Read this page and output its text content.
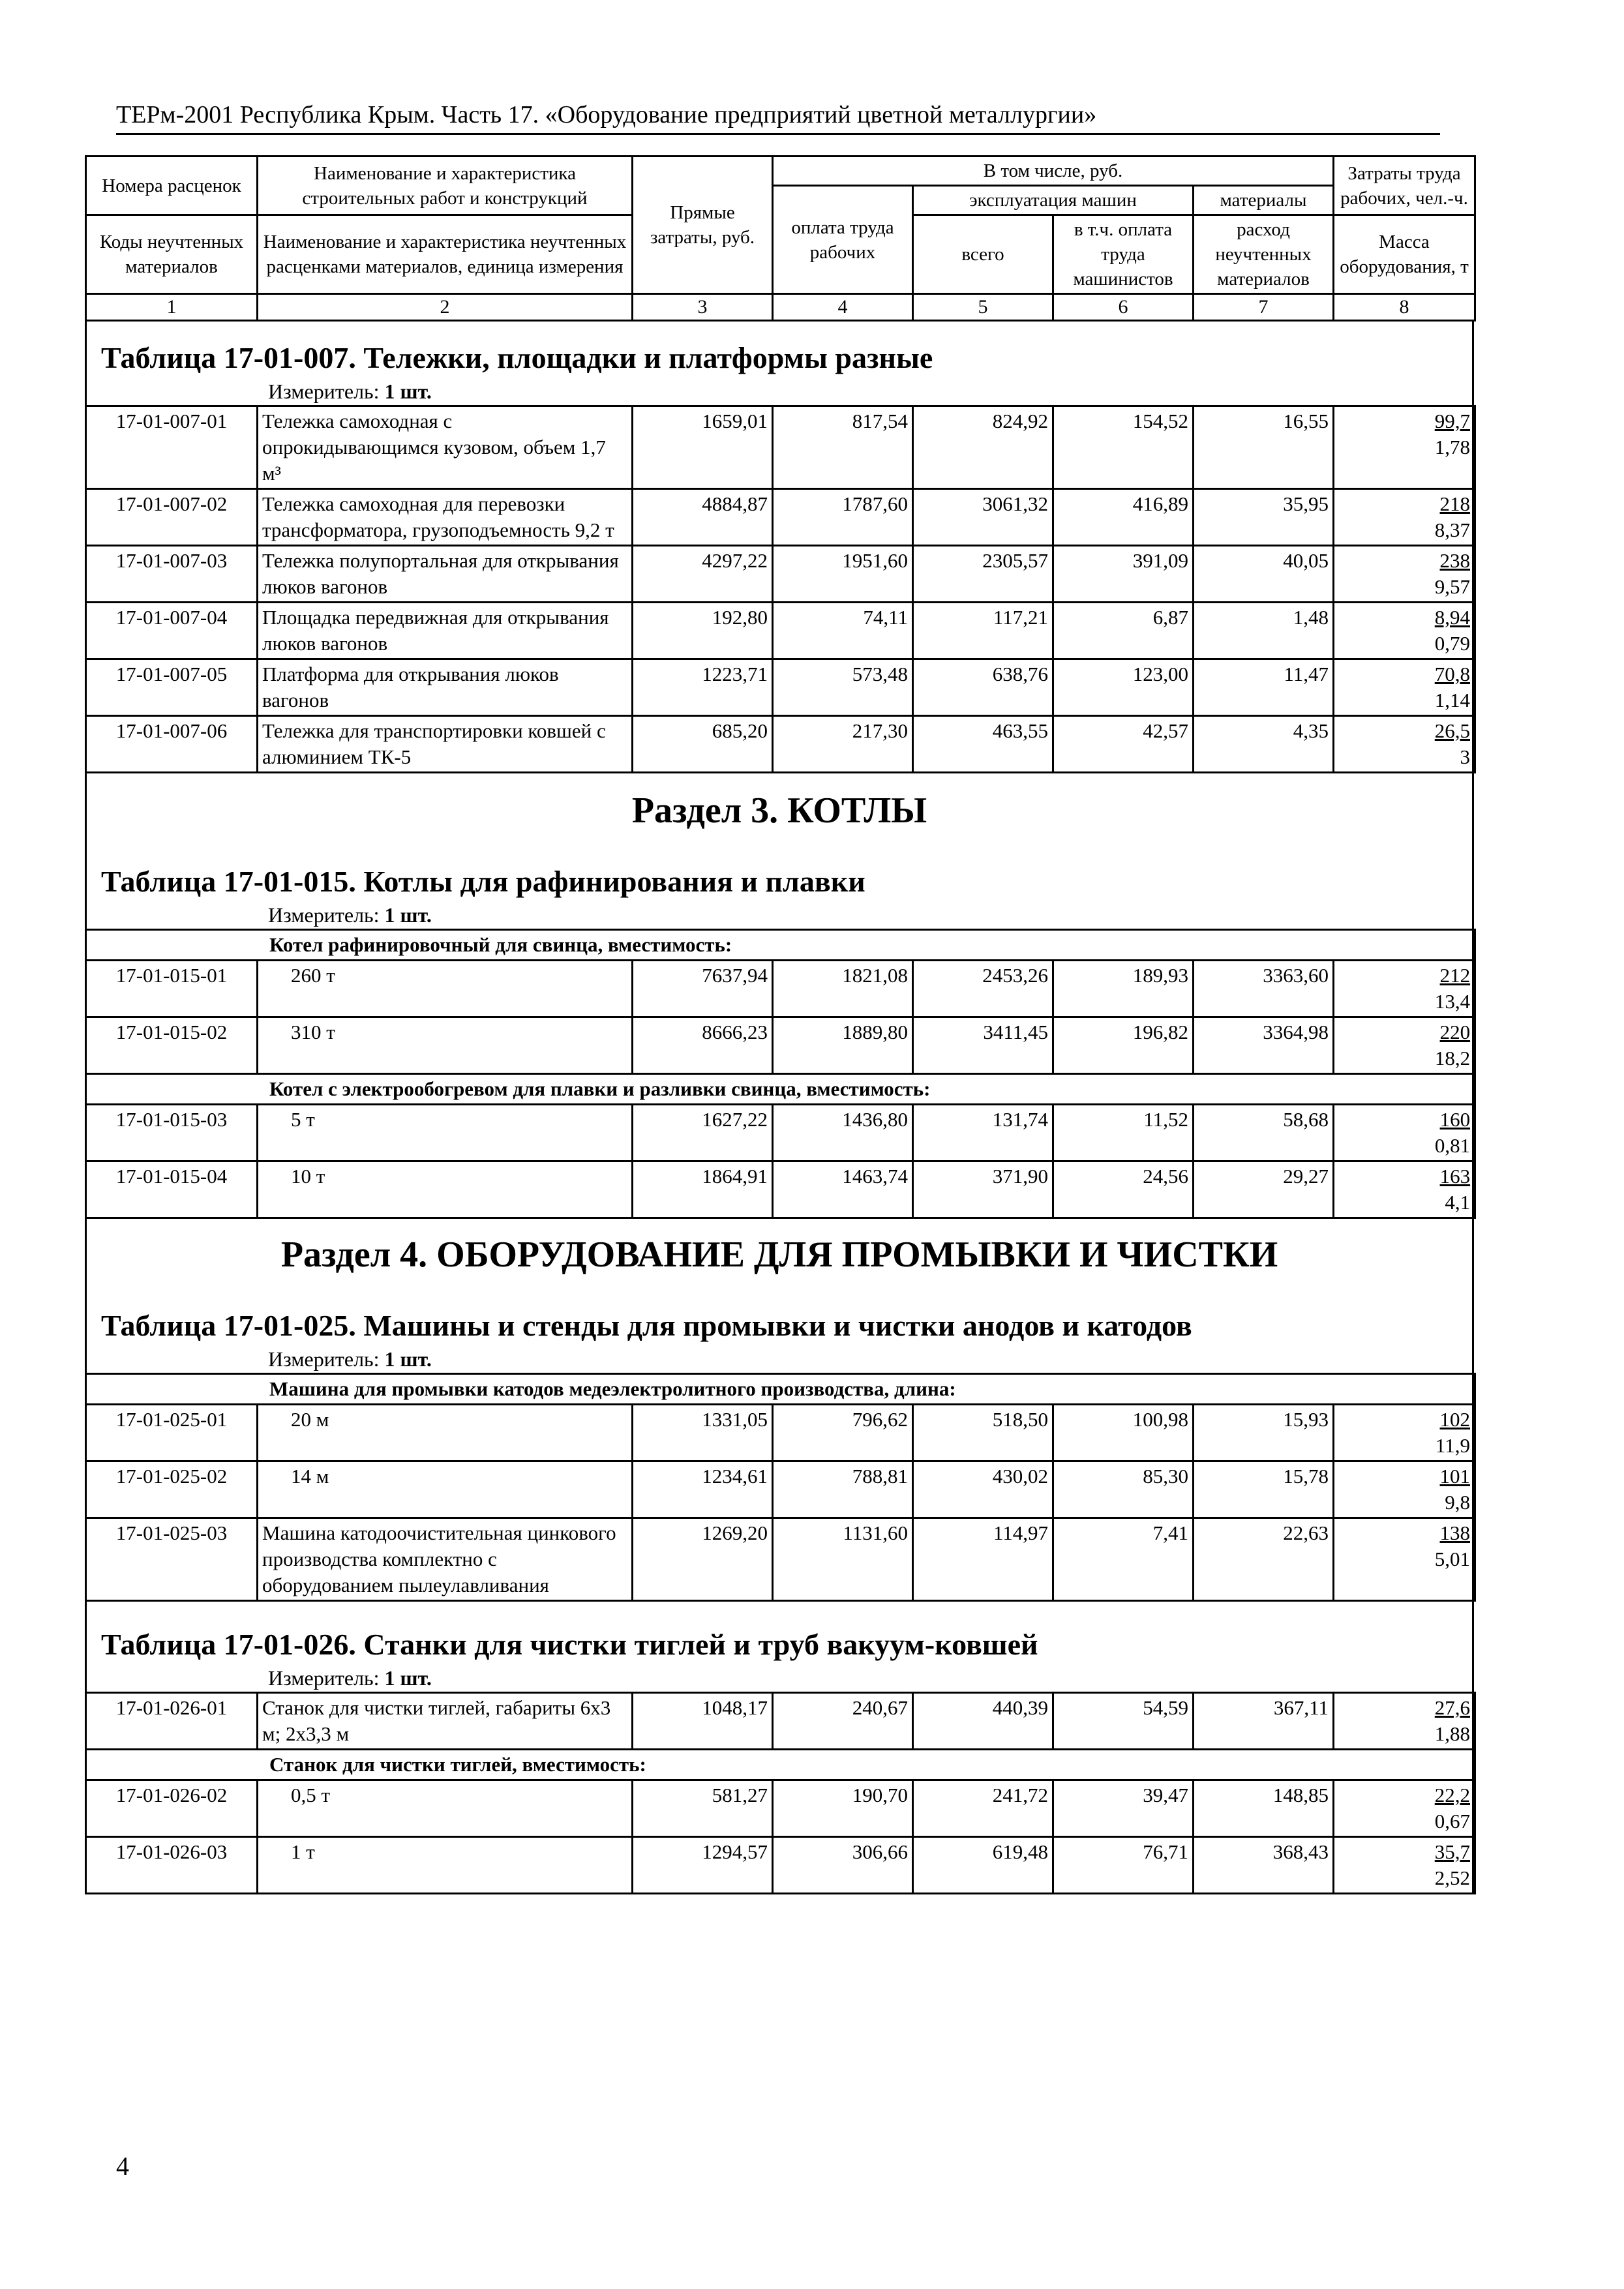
ТЕРм-2001 Республика Крым. Часть 17. «Оборудование предприятий цветной металлургии»
Номера расценок	Наименование и характеристика строительных работ и конструкций	Прямые затраты, руб.	В том числе, руб.				Затраты труда рабочих, чел.-ч.
			оплата труда рабочих	эксплуатация машин		материалы	
Коды неучтенных материалов	Наименование и характеристика неучтенных расценками материалов, единица измерения			всего	в т.ч. оплата труда машинистов	расход неучтенных материалов	
							Масса оборудования, т
1	2	3	4	5	6	7	8
Таблица 17-01-007. Тележки, площадки и платформы разные
Измеритель: 1 шт.
17-01-007-01	Тележка самоходная с опрокидывающимся кузовом, объем 1,7 м³	1659,01	817,54	824,92	154,52	16,55	99,7
1,78

17-01-007-02	Тележка самоходная для перевозки трансформатора, грузоподъемность 9,2 т	4884,87	1787,60	3061,32	416,89	35,95	218
8,37

17-01-007-03	Тележка полупортальная для открывания люков вагонов	4297,22	1951,60	2305,57	391,09	40,05	238
9,57

17-01-007-04	Площадка передвижная для открывания люков вагонов	192,80	74,11	117,21	6,87	1,48	8,94
0,79

17-01-007-05	Платформа для открывания люков вагонов	1223,71	573,48	638,76	123,00	11,47	70,8
1,14

17-01-007-06	Тележка для транспортировки ковшей с алюминием ТК-5	685,20	217,30	463,55	42,57	4,35	26,5
3
Раздел 3. КОТЛЫ
Таблица 17-01-015. Котлы для рафинирования и плавки
Измеритель: 1 шт.
Котел рафинировочный для свинца, вместимость:							
17-01-015-01	260 т	7637,94	1821,08	2453,26	189,93	3363,60	212
13,4

17-01-015-02	310 т	8666,23	1889,80	3411,45	196,82	3364,98	220
18,2

Котел с электрообогревом для плавки и разливки свинца, вместимость:							
17-01-015-03	5 т	1627,22	1436,80	131,74	11,52	58,68	160
0,81

17-01-015-04	10 т	1864,91	1463,74	371,90	24,56	29,27	163
4,1
Раздел 4. ОБОРУДОВАНИЕ ДЛЯ ПРОМЫВКИ И ЧИСТКИ
Таблица 17-01-025. Машины и стенды для промывки и чистки анодов и катодов
Измеритель: 1 шт.
Машина для промывки катодов медеэлектролитного производства, длина:							
17-01-025-01	20 м	1331,05	796,62	518,50	100,98	15,93	102
11,9

17-01-025-02	14 м	1234,61	788,81	430,02	85,30	15,78	101
9,8

17-01-025-03	Машина катодоочистительная цинкового производства комплектно с оборудованием пылеулавливания	1269,20	1131,60	114,97	7,41	22,63	138
5,01
Таблица 17-01-026. Станки для чистки тиглей и труб вакуум-ковшей
Измеритель: 1 шт.
17-01-026-01	Станок для чистки тиглей, габариты 6х3 м; 2х3,3 м	1048,17	240,67	440,39	54,59	367,11	27,6
1,88

Станок для чистки тиглей, вместимость:							
17-01-026-02	0,5 т	581,27	190,70	241,72	39,47	148,85	22,2
0,67

17-01-026-03	1 т	1294,57	306,66	619,48	76,71	368,43	35,7
2,52
4
